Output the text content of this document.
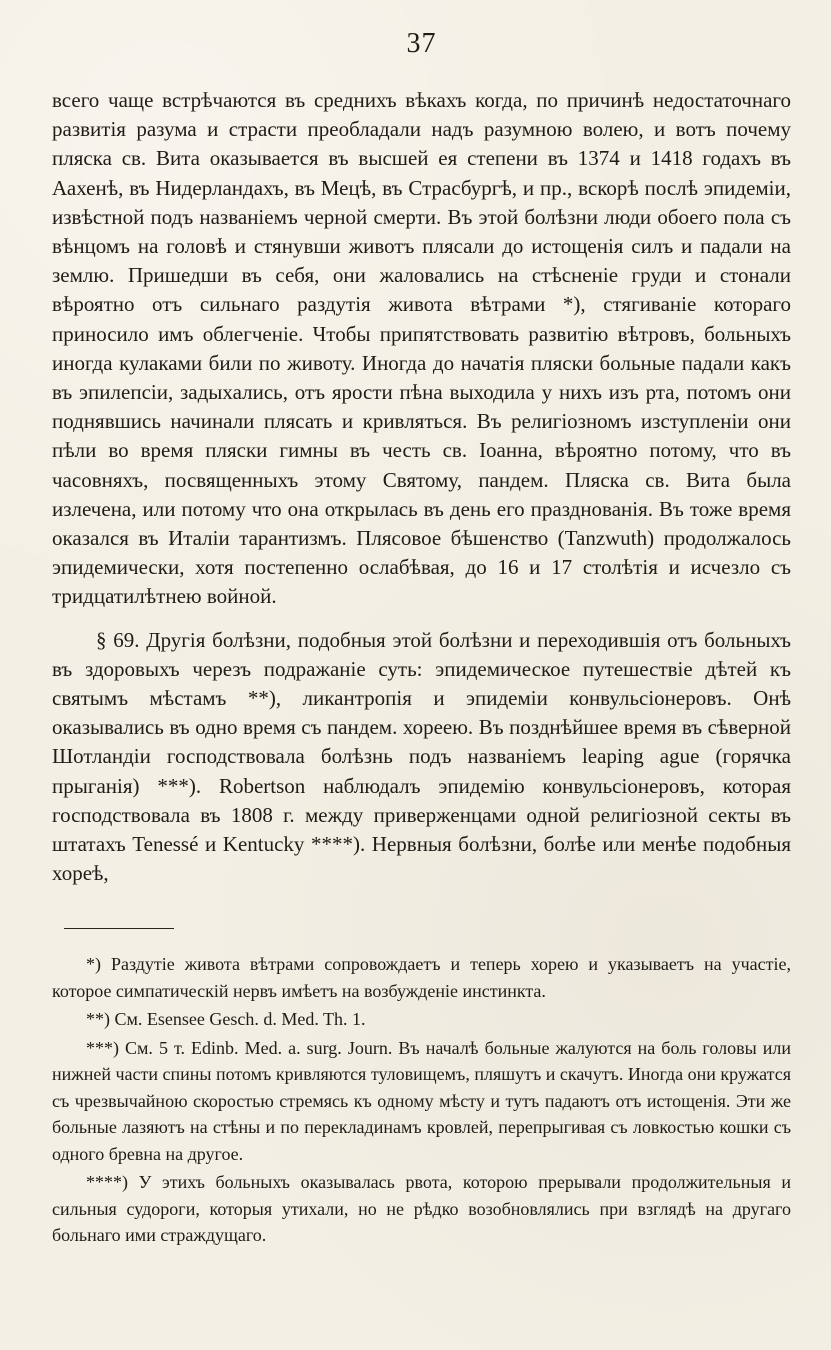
37

всего чаще встрѣчаются въ среднихъ вѣкахъ когда, по причинѣ недостаточнаго развитія разума и страсти преобладали надъ разумною волею, и вотъ почему пляска св. Вита оказывается въ высшей ея степени въ 1374 и 1418 годахъ въ Аахенѣ, въ Нидерландахъ, въ Мецѣ, въ Страсбургѣ, и пр., вскорѣ послѣ эпидеміи, извѣстной подъ названіемъ черной смерти. Въ этой болѣзни люди обоего пола съ вѣнцомъ на головѣ и стянувши животъ плясали до истощенія силъ и падали на землю. Пришедши въ себя, они жаловались на стѣсненіе груди и стонали вѣроятно отъ сильнаго раздутія живота вѣтрами *), стягиваніе котораго приносило имъ облегченіе. Чтобы припятствовать развитію вѣтровъ, больныхъ иногда кулаками били по животу. Иногда до начатія пляски больные падали какъ въ эпилепсіи, задыхались, отъ ярости пѣна выходила у нихъ изъ рта, потомъ они поднявшись начинали плясать и кривляться. Въ религіозномъ изступленіи они пѣли во время пляски гимны въ честь св. Іоанна, вѣроятно потому, что въ часовняхъ, посвященныхъ этому Святому, пандем. Пляска св. Вита была излечена, или потому что она открылась въ день его празднованія. Въ тоже время оказался въ Италіи тарантизмъ. Плясовое бѣшенство (Tanzwuth) продолжалось эпидемически, хотя постепенно ослабѣвая, до 16 и 17 столѣтія и исчезло съ тридцатилѣтнею войной.

§ 69. Другія болѣзни, подобныя этой болѣзни и переходившія отъ больныхъ въ здоровыхъ черезъ подражаніе суть: эпидемическое путешествіе дѣтей къ святымъ мѣстамъ **), ликантропія и эпидеміи конвульсіонеровъ. Онѣ оказывались въ одно время съ пандем. хореею. Въ позднѣйшее время въ сѣверной Шотландіи господствовала болѣзнь подъ названіемъ leaping ague (горячка прыганія) ***). Robertson наблюдалъ эпидемію конвульсіонеровъ, которая господствовала въ 1808 г. между приверженцами одной религіозной секты въ штатахъ Tenessé и Kentucky ****). Нервныя болѣзни, болѣе или менѣе подобныя хореѣ,

*) Раздутіе живота вѣтрами сопровождаетъ и теперь хорею и указываетъ на участіе, которое симпатическій нервъ имѣетъ на возбужденіе инстинкта.

**) См. Esensee Gesch. d. Med. Th. 1.

***) См. 5 т. Edinb. Med. a. surg. Journ. Въ началѣ больные жалуются на боль головы или нижней части спины потомъ кривляются туловищемъ, пляшутъ и скачутъ. Иногда они кружатся съ чрезвычайною скоростью стремясь къ одному мѣсту и тутъ падаютъ отъ истощенія. Эти же больные лазяютъ на стѣны и по перекладинамъ кровлей, перепрыгивая съ ловкостью кошки съ одного бревна на другое.

****) У этихъ больныхъ оказывалась рвота, которою прерывали продолжительныя и сильныя судороги, которыя утихали, но не рѣдко возобновлялись при взглядѣ на другаго больнаго ими страждущаго.
